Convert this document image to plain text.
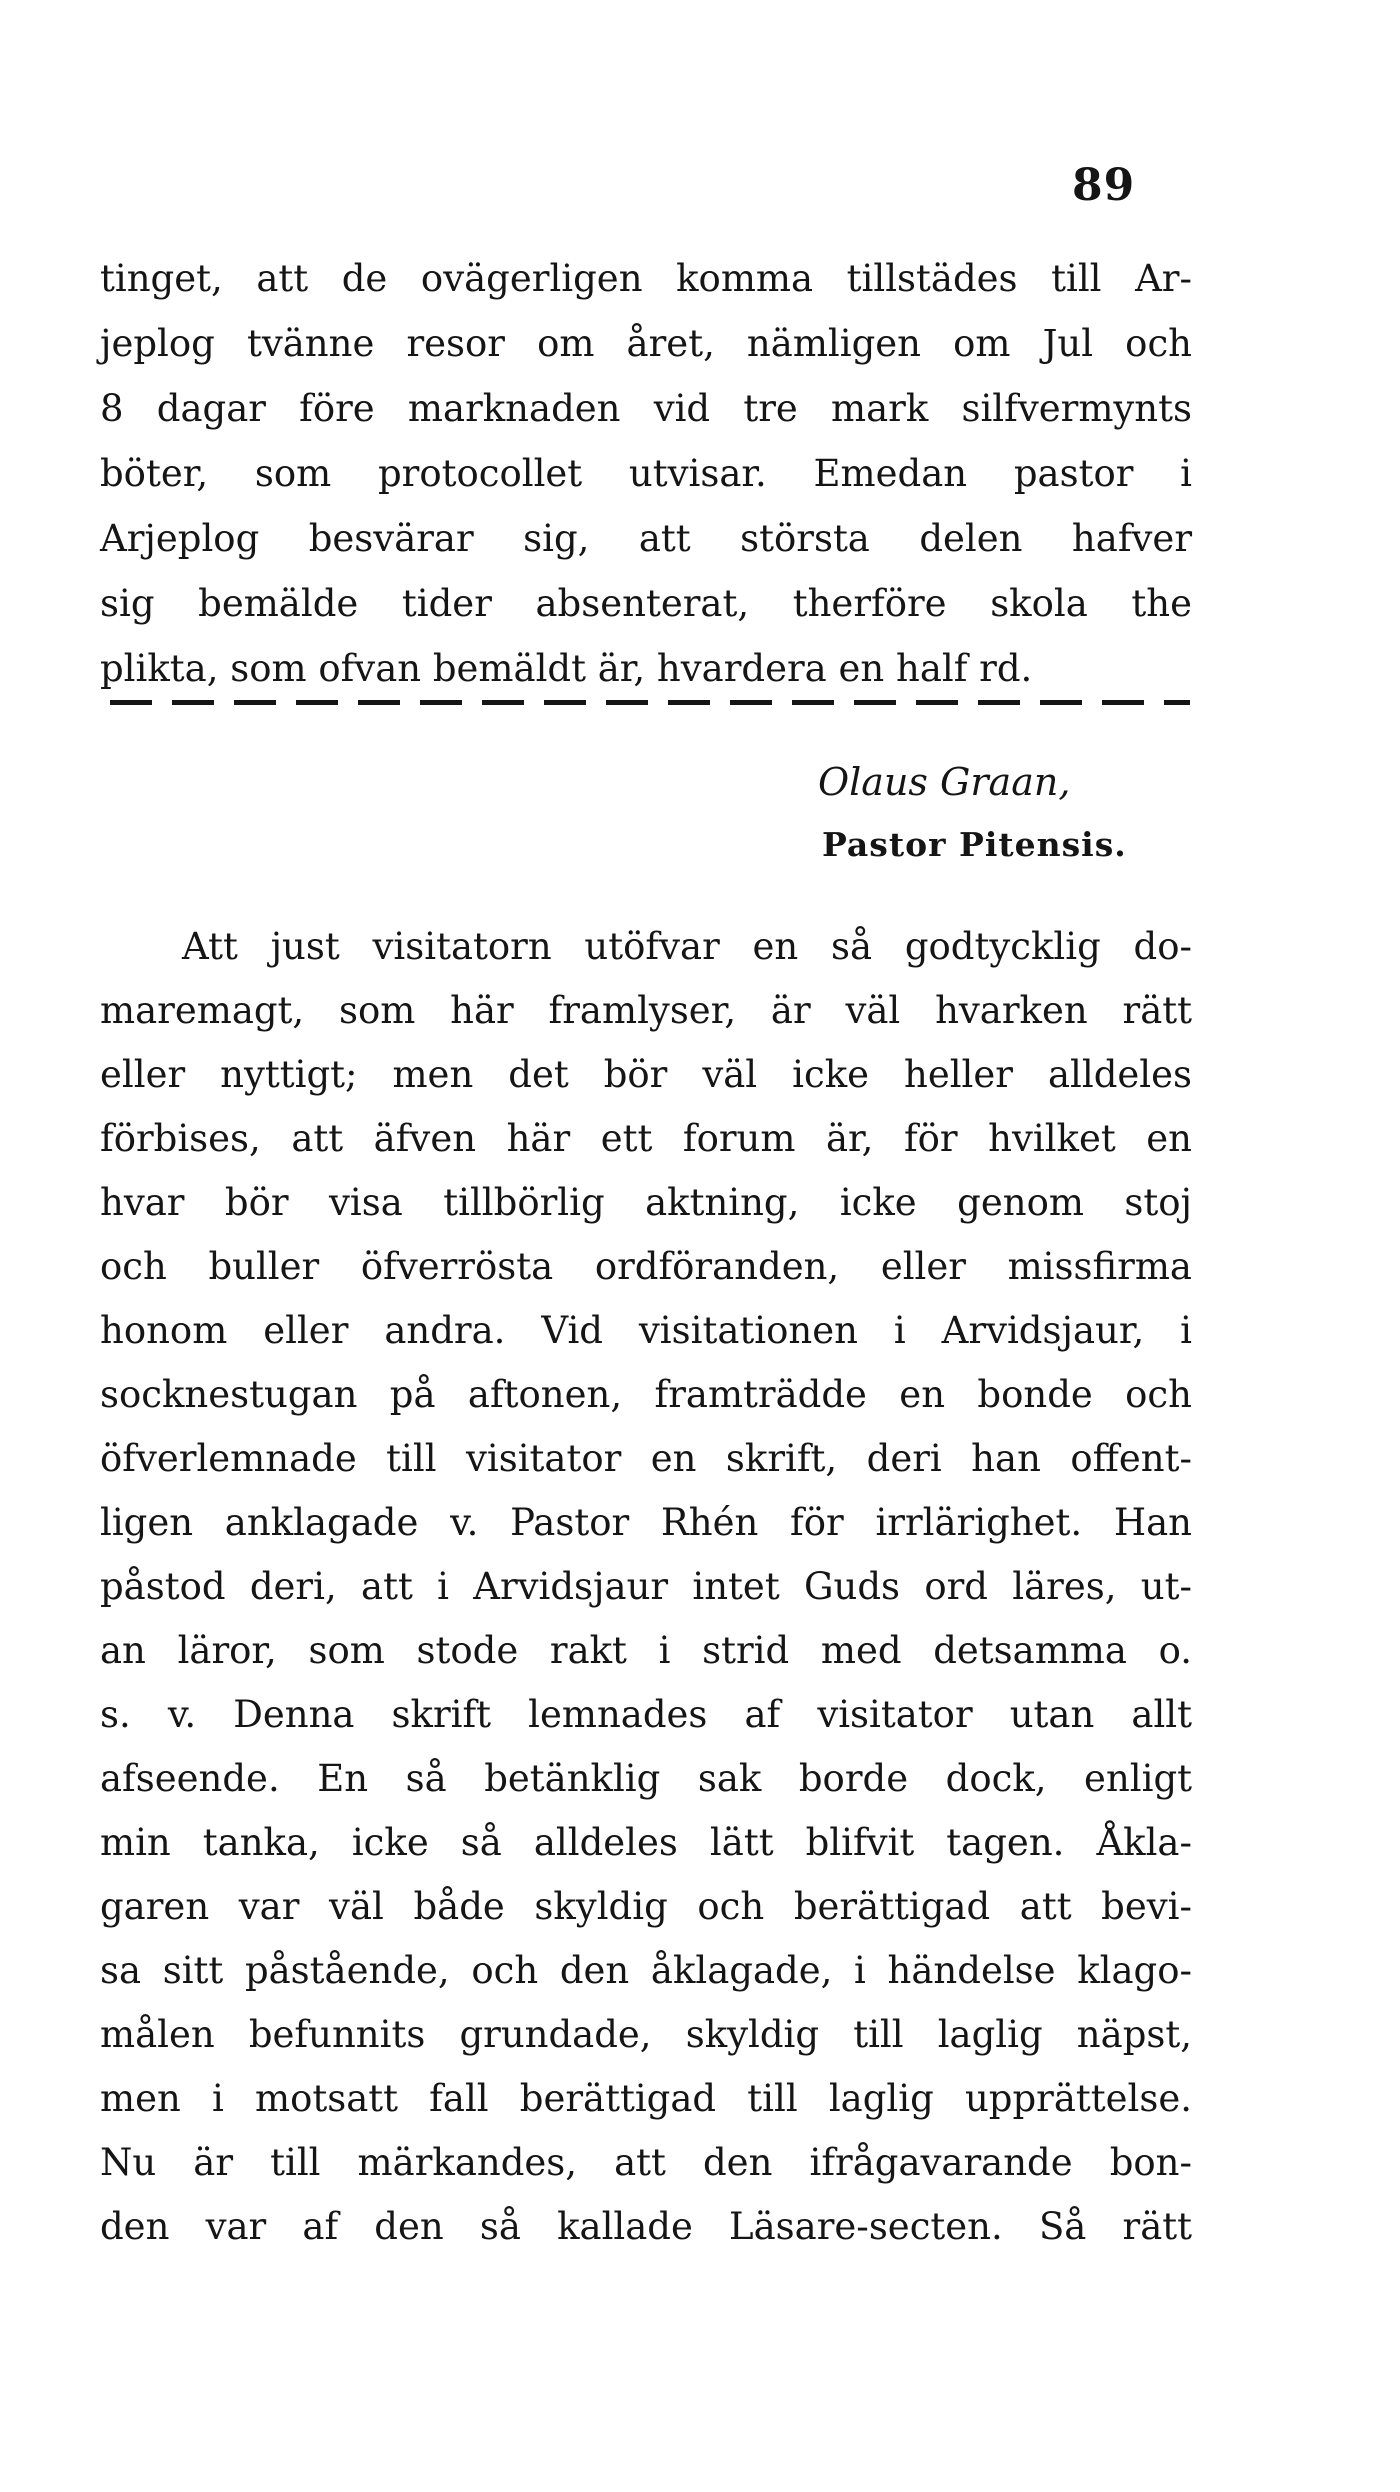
89
tinget, att de ovägerligen komma tillstädes till Ar-
jeplog tvänne resor om året, nämligen om Jul och
8 dagar före marknaden vid tre mark silfvermynts
böter, som protocollet utvisar. Emedan pastor i
Arjeplog besvärar sig, att största delen hafver
sig bemälde tider absenterat, therföre skola the
plikta, som ofvan bemäldt är, hvardera en half rd.
Olaus Graan,
Pastor Pitensis.
Att just visitatorn utöfvar en så godtycklig do-
maremagt, som här framlyser, är väl hvarken rätt
eller nyttigt; men det bör väl icke heller alldeles
förbises, att äfven här ett forum är, för hvilket en
hvar bör visa tillbörlig aktning, icke genom stoj
och buller öfverrösta ordföranden, eller missfirma
honom eller andra. Vid visitationen i Arvidsjaur, i
socknestugan på aftonen, framträdde en bonde och
öfverlemnade till visitator en skrift, deri han offent-
ligen anklagade v. Pastor Rhén för irrlärighet. Han
påstod deri, att i Arvidsjaur intet Guds ord läres, ut-
an läror, som stode rakt i strid med detsamma o.
s. v. Denna skrift lemnades af visitator utan allt
afseende. En så betänklig sak borde dock, enligt
min tanka, icke så alldeles lätt blifvit tagen. Åkla-
garen var väl både skyldig och berättigad att bevi-
sa sitt påstående, och den åklagade, i händelse klago-
målen befunnits grundade, skyldig till laglig näpst,
men i motsatt fall berättigad till laglig upprättelse.
Nu är till märkandes, att den ifrågavarande bon-
den var af den så kallade Läsare-secten. Så rätt
